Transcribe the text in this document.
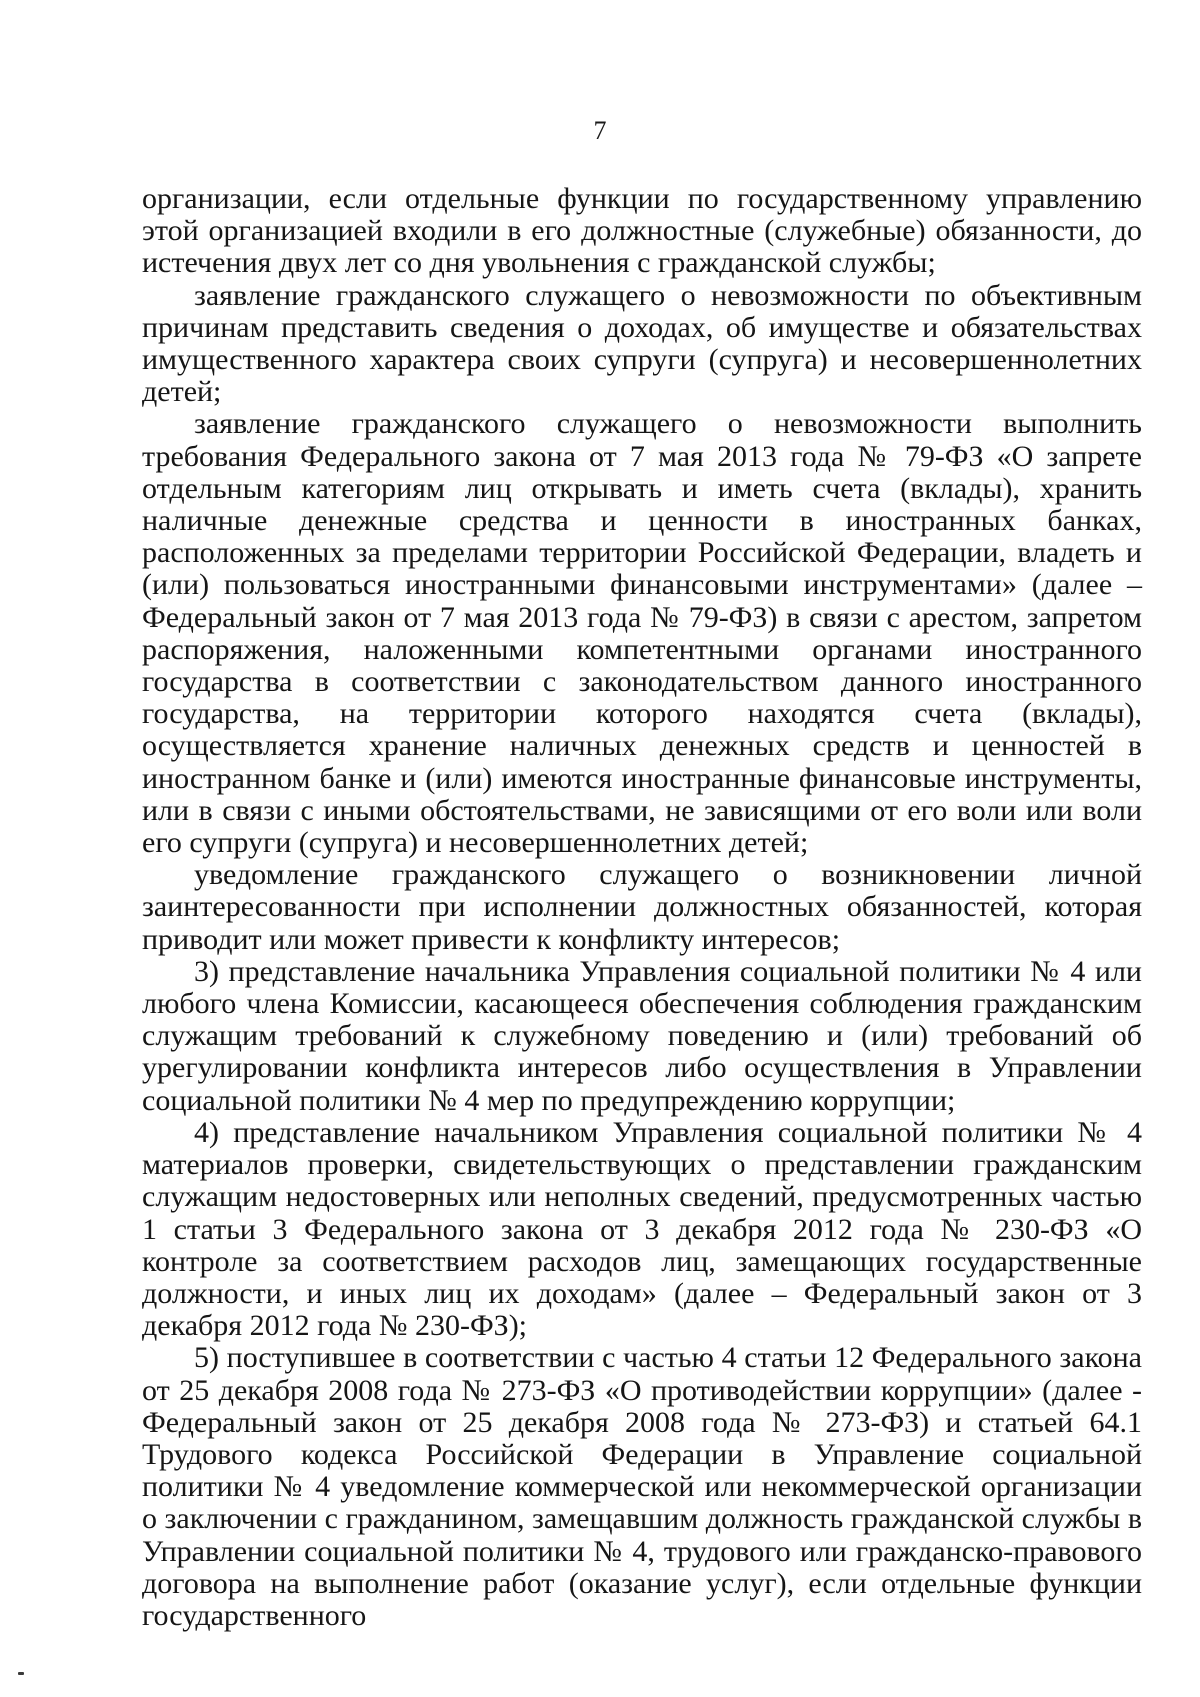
7

организации, если отдельные функции по государственному управлению этой организацией входили в его должностные (служебные) обязанности, до истечения двух лет со дня увольнения с гражданской службы;

заявление гражданского служащего о невозможности по объективным причинам представить сведения о доходах, об имуществе и обязательствах имущественного характера своих супруги (супруга) и несовершеннолетних детей;

заявление гражданского служащего о невозможности выполнить требования Федерального закона от 7 мая 2013 года № 79-ФЗ «О запрете отдельным категориям лиц открывать и иметь счета (вклады), хранить наличные денежные средства и ценности в иностранных банках, расположенных за пределами территории Российской Федерации, владеть и (или) пользоваться иностранными финансовыми инструментами» (далее – Федеральный закон от 7 мая 2013 года № 79-ФЗ) в связи с арестом, запретом распоряжения, наложенными компетентными органами иностранного государства в соответствии с законодательством данного иностранного государства, на территории которого находятся счета (вклады), осуществляется хранение наличных денежных средств и ценностей в иностранном банке и (или) имеются иностранные финансовые инструменты, или в связи с иными обстоятельствами, не зависящими от его воли или воли его супруги (супруга) и несовершеннолетних детей;

уведомление гражданского служащего о возникновении личной заинтересованности при исполнении должностных обязанностей, которая приводит или может привести к конфликту интересов;

3) представление начальника Управления социальной политики № 4 или любого члена Комиссии, касающееся обеспечения соблюдения гражданским служащим требований к служебному поведению и (или) требований об урегулировании конфликта интересов либо осуществления в Управлении социальной политики № 4 мер по предупреждению коррупции;

4) представление начальником Управления социальной политики № 4 материалов проверки, свидетельствующих о представлении гражданским служащим недостоверных или неполных сведений, предусмотренных частью 1 статьи 3 Федерального закона от 3 декабря 2012 года № 230-ФЗ «О контроле за соответствием расходов лиц, замещающих государственные должности, и иных лиц их доходам» (далее – Федеральный закон от 3 декабря 2012 года № 230-ФЗ);

5) поступившее в соответствии с частью 4 статьи 12 Федерального закона от 25 декабря 2008 года № 273-ФЗ «О противодействии коррупции» (далее - Федеральный закон от 25 декабря 2008 года № 273-ФЗ) и статьей 64.1 Трудового кодекса Российской Федерации в Управление социальной политики № 4 уведомление коммерческой или некоммерческой организации о заключении с гражданином, замещавшим должность гражданской службы в Управлении социальной политики № 4, трудового или гражданско-правового договора на выполнение работ (оказание услуг), если отдельные функции государственного
